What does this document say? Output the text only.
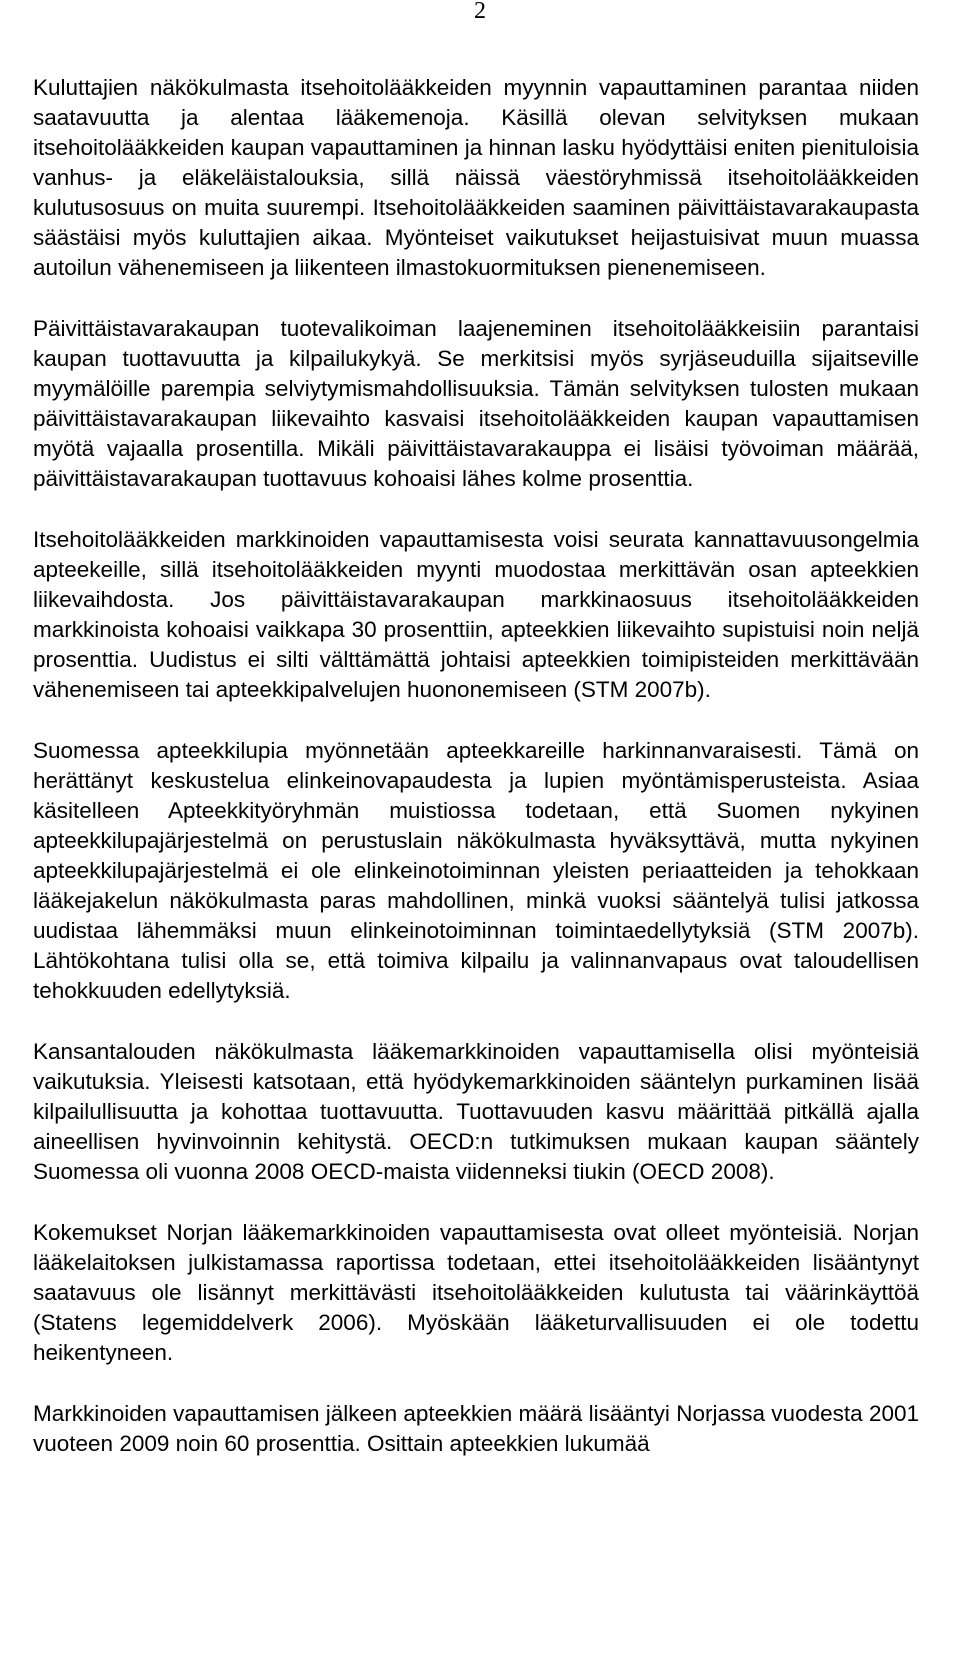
2

Kuluttajien näkökulmasta itsehoitolääkkeiden myynnin vapauttaminen parantaa niiden saatavuutta ja alentaa lääkemenoja. Käsillä olevan selvityksen mukaan itsehoitolääkkeiden kaupan vapauttaminen ja hinnan lasku hyödyttäisi eniten pienituloisia vanhus- ja eläkeläistalouksia, sillä näissä väestöryhmissä itsehoitolääkkeiden kulutusosuus on muita suurempi. Itsehoitolääkkeiden saaminen päivittäistavarakaupasta säästäisi myös kuluttajien aikaa. Myönteiset vaikutukset heijastuisivat muun muassa autoilun vähenemiseen ja liikenteen ilmastokuormituksen pienenemiseen.

Päivittäistavarakaupan tuotevalikoiman laajeneminen itsehoitolääkkeisiin parantaisi kaupan tuottavuutta ja kilpailukykyä. Se merkitsisi myös syrjäseuduilla sijaitseville myymälöille parempia selviytymismahdollisuuksia. Tämän selvityksen tulosten mukaan päivittäistavarakaupan liikevaihto kasvaisi itsehoitolääkkeiden kaupan vapauttamisen myötä vajaalla prosentilla. Mikäli päivittäistavarakauppa ei lisäisi työvoiman määrää, päivittäistavarakaupan tuottavuus kohoaisi lähes kolme prosenttia.

Itsehoitolääkkeiden markkinoiden vapauttamisesta voisi seurata kannattavuusongelmia apteekeille, sillä itsehoitolääkkeiden myynti muodostaa merkittävän osan apteekkien liikevaihdosta. Jos päivittäistavarakaupan markkinaosuus itsehoitolääkkeiden markkinoista kohoaisi vaikkapa 30 prosenttiin, apteekkien liikevaihto supistuisi noin neljä prosenttia. Uudistus ei silti välttämättä johtaisi apteekkien toimipisteiden merkittävään vähenemiseen tai apteekkipalvelujen huononemiseen (STM 2007b).

Suomessa apteekkilupia myönnetään apteekkareille harkinnanvaraisesti. Tämä on herättänyt keskustelua elinkeinovapaudesta ja lupien myöntämisperusteista. Asiaa käsitelleen Apteekkityöryhmän muistiossa todetaan, että Suomen nykyinen apteekkilupajärjestelmä on perustuslain näkökulmasta hyväksyttävä, mutta nykyinen apteekkilupajärjestelmä ei ole elinkeinotoiminnan yleisten periaatteiden ja tehokkaan lääkejakelun näkökulmasta paras mahdollinen, minkä vuoksi sääntelyä tulisi jatkossa uudistaa lähemmäksi muun elinkeinotoiminnan toimintaedellytyksiä (STM 2007b). Lähtökohtana tulisi olla se, että toimiva kilpailu ja valinnanvapaus ovat taloudellisen tehokkuuden edellytyksiä.

Kansantalouden näkökulmasta lääkemarkkinoiden vapauttamisella olisi myönteisiä vaikutuksia. Yleisesti katsotaan, että hyödykemarkkinoiden sääntelyn purkaminen lisää kilpailullisuutta ja kohottaa tuottavuutta. Tuottavuuden kasvu määrittää pitkällä ajalla aineellisen hyvinvoinnin kehitystä. OECD:n tutkimuksen mukaan kaupan sääntely Suomessa oli vuonna 2008 OECD-maista viidenneksi tiukin (OECD 2008).

Kokemukset Norjan lääkemarkkinoiden vapauttamisesta ovat olleet myönteisiä. Norjan lääkelaitoksen julkistamassa raportissa todetaan, ettei itsehoitolääkkeiden lisääntynyt saatavuus ole lisännyt merkittävästi itsehoitolääkkeiden kulutusta tai väärinkäyttöä (Statens legemiddelverk 2006). Myöskään lääketurvallisuuden ei ole todettu heikentyneen.

Markkinoiden vapauttamisen jälkeen apteekkien määrä lisääntyi Norjassa vuodesta 2001 vuoteen 2009 noin 60 prosenttia. Osittain apteekkien lukumää
